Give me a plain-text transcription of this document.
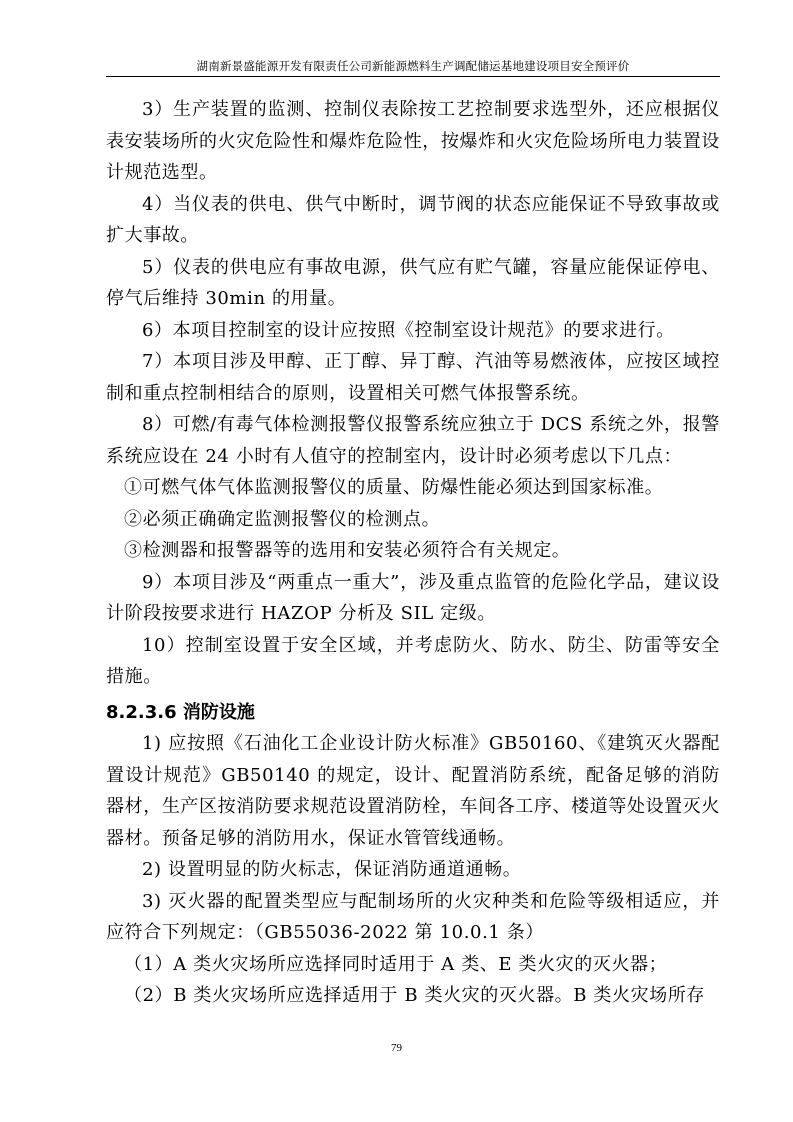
湖南新景盛能源开发有限责任公司新能源燃料生产调配储运基地建设项目安全预评价

3）生产装置的监测、控制仪表除按工艺控制要求选型外，还应根据仪表安装场所的火灾危险性和爆炸危险性，按爆炸和火灾危险场所电力装置设计规范选型。

4）当仪表的供电、供气中断时，调节阀的状态应能保证不导致事故或扩大事故。

5）仪表的供电应有事故电源，供气应有贮气罐，容量应能保证停电、停气后维持 30min 的用量。

6）本项目控制室的设计应按照《控制室设计规范》的要求进行。

7）本项目涉及甲醇、正丁醇、异丁醇、汽油等易燃液体，应按区域控制和重点控制相结合的原则，设置相关可燃气体报警系统。

8）可燃/有毒气体检测报警仪报警系统应独立于 DCS 系统之外，报警系统应设在 24 小时有人值守的控制室内，设计时必须考虑以下几点：

①可燃气体气体监测报警仪的质量、防爆性能必须达到国家标准。

②必须正确确定监测报警仪的检测点。

③检测器和报警器等的选用和安装必须符合有关规定。

9）本项目涉及“两重点一重大”，涉及重点监管的危险化学品，建议设计阶段按要求进行 HAZOP 分析及 SIL 定级。

10）控制室设置于安全区域，并考虑防火、防水、防尘、防雷等安全措施。

8.2.3.6 消防设施

1) 应按照《石油化工企业设计防火标准》GB50160、《建筑灭火器配置设计规范》GB50140 的规定，设计、配置消防系统，配备足够的消防器材，生产区按消防要求规范设置消防栓，车间各工序、楼道等处设置灭火器材。预备足够的消防用水，保证水管管线通畅。

2) 设置明显的防火标志，保证消防通道通畅。

3) 灭火器的配置类型应与配制场所的火灾种类和危险等级相适应，并应符合下列规定：（GB55036-2022 第 10.0.1 条）

（1）A 类火灾场所应选择同时适用于 A 类、E 类火灾的灭火器；

（2）B 类火灾场所应选择适用于 B 类火灾的灭火器。B 类火灾场所存

79
